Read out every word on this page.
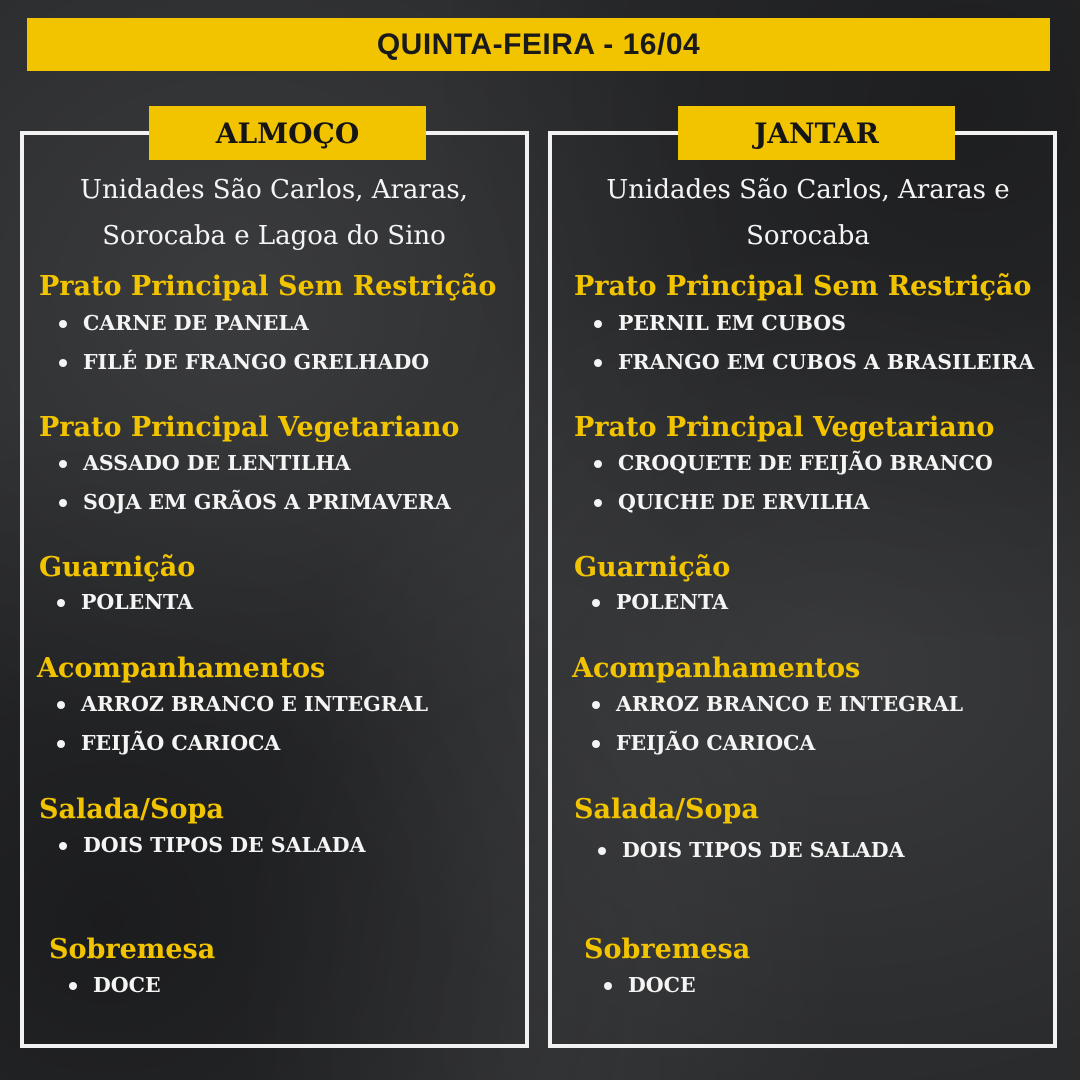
QUINTA-FEIRA - 16/04
ALMOÇO	JANTAR
Unidades São Carlos, Araras,
Sorocaba e Lagoa do Sino
Unidades São Carlos, Araras e
Sorocaba
Prato Principal Sem Restrição
CARNE DE PANELA
FILÉ DE FRANGO GRELHADO
Prato Principal Vegetariano
ASSADO DE LENTILHA
SOJA EM GRÃOS A PRIMAVERA
Guarnição
POLENTA
Acompanhamentos
ARROZ BRANCO E INTEGRAL
FEIJÃO CARIOCA
Salada/Sopa
DOIS TIPOS DE SALADA
Sobremesa
DOCE
Prato Principal Sem Restrição
PERNIL EM CUBOS
FRANGO EM CUBOS A BRASILEIRA
Prato Principal Vegetariano
CROQUETE DE FEIJÃO BRANCO
QUICHE DE ERVILHA
Guarnição
POLENTA
Acompanhamentos
ARROZ BRANCO E INTEGRAL
FEIJÃO CARIOCA
Salada/Sopa
DOIS TIPOS DE SALADA
Sobremesa
DOCE
